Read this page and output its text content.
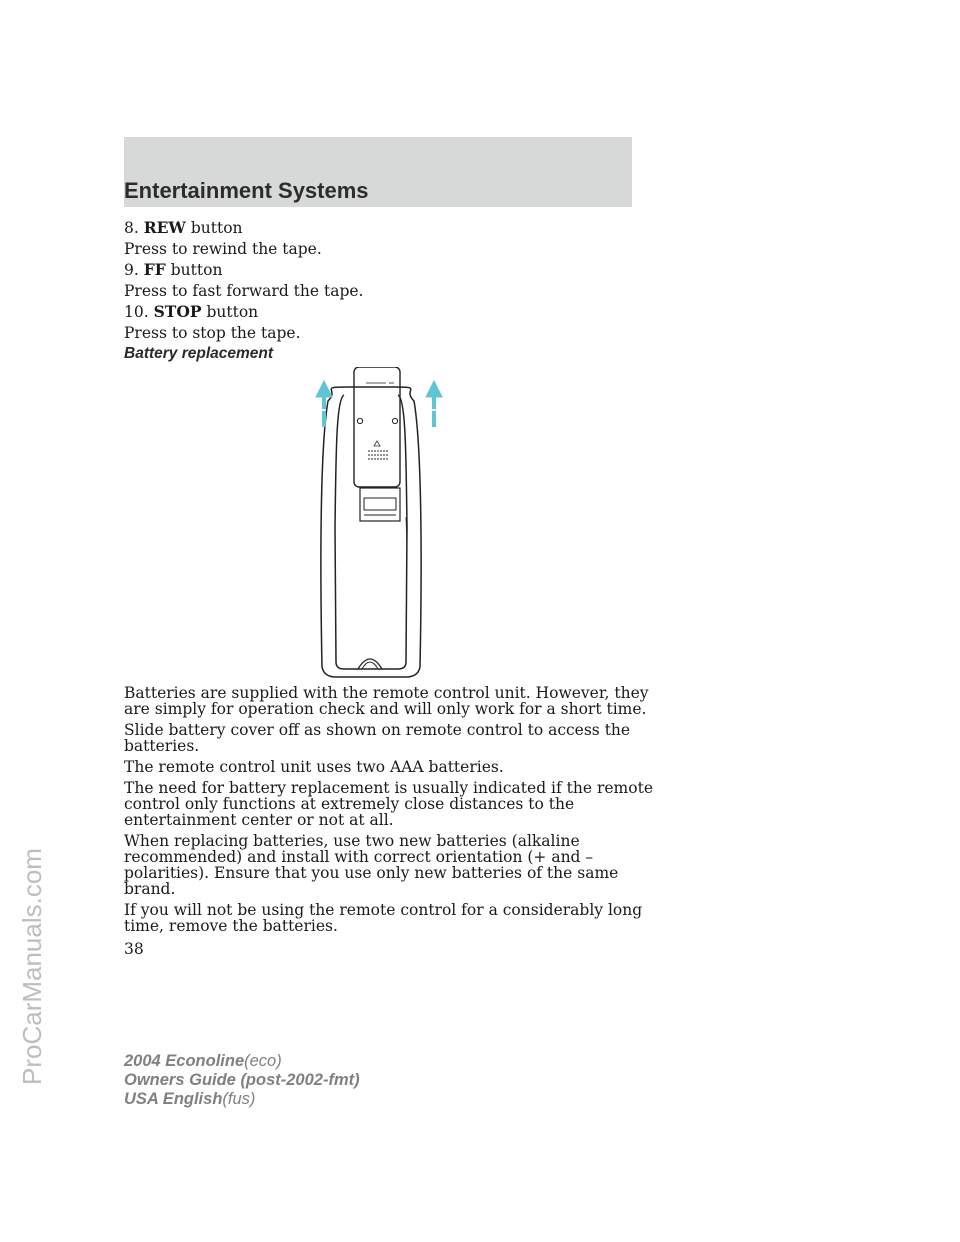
Entertainment Systems

8. REW button

Press to rewind the tape.

9. FF button

Press to fast forward the tape.

10. STOP button

Press to stop the tape.

Battery replacement

Batteries are supplied with the remote control unit. However, they are simply for operation check and will only work for a short time.

Slide battery cover off as shown on remote control to access the batteries.

The remote control unit uses two AAA batteries.

The need for battery replacement is usually indicated if the remote control only functions at extremely close distances to the entertainment center or not at all.

When replacing batteries, use two new batteries (alkaline recommended) and install with correct orientation (+ and – polarities). Ensure that you use only new batteries of the same brand.

If you will not be using the remote control for a considerably long time, remove the batteries.

38
2004 Econoline(eco)
Owners Guide (post-2002-fmt)
USA English(fus)
ProCarManuals.com
